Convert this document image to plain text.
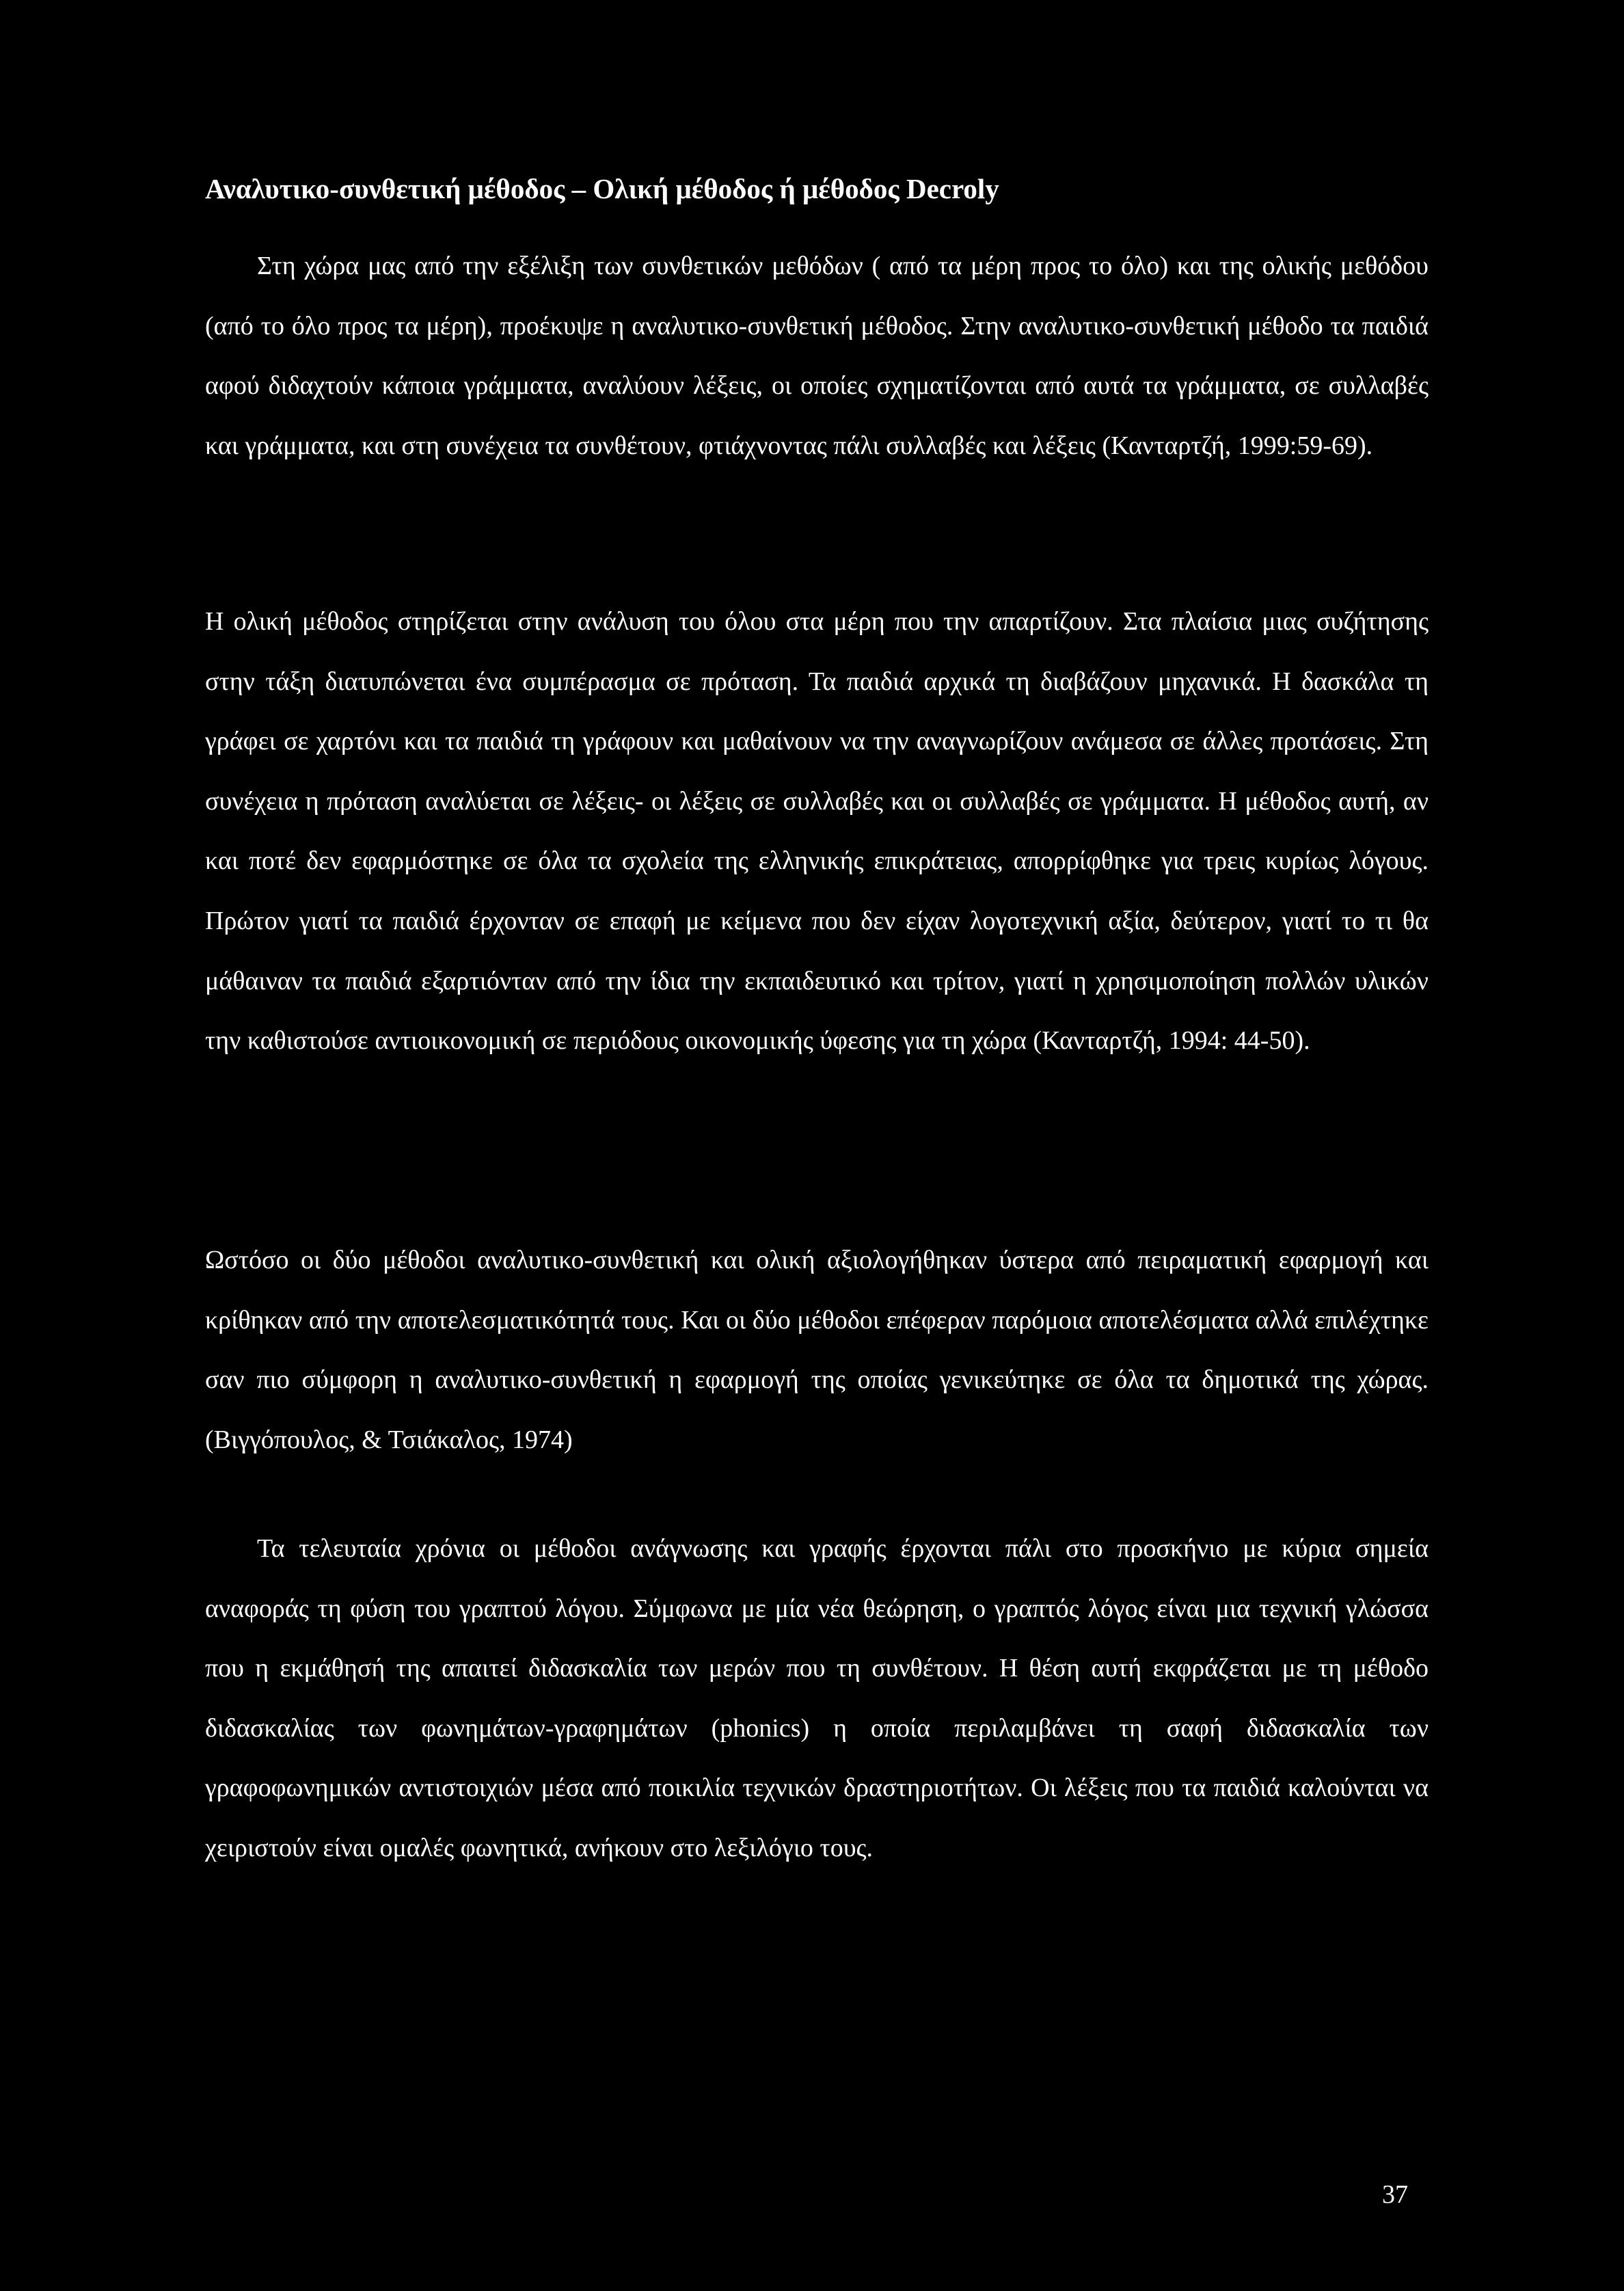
Αναλυτικο-συνθετική μέθοδος – Ολική μέθοδος ή μέθοδος Decroly

Στη χώρα μας από την εξέλιξη των συνθετικών μεθόδων ( από τα μέρη προς το όλο) και της ολικής μεθόδου (από το όλο προς τα μέρη), προέκυψε η αναλυτικο-συνθετική μέθοδος. Στην αναλυτικο-συνθετική μέθοδο τα παιδιά αφού διδαχτούν κάποια γράμματα, αναλύουν λέξεις, οι οποίες σχηματίζονται από αυτά τα γράμματα, σε συλλαβές και γράμματα, και στη συνέχεια τα συνθέτουν, φτιάχνοντας πάλι συλλαβές και λέξεις (Κανταρτζή, 1999:59-69).

Η ολική μέθοδος στηρίζεται στην ανάλυση του όλου στα μέρη που την απαρτίζουν. Στα πλαίσια μιας συζήτησης στην τάξη διατυπώνεται ένα συμπέρασμα σε πρόταση. Τα παιδιά αρχικά τη διαβάζουν μηχανικά. Η δασκάλα τη γράφει σε χαρτόνι και τα παιδιά τη γράφουν και μαθαίνουν να την αναγνωρίζουν ανάμεσα σε άλλες προτάσεις. Στη συνέχεια η πρόταση αναλύεται σε λέξεις- οι λέξεις σε συλλαβές και οι συλλαβές σε γράμματα. Η μέθοδος αυτή, αν και ποτέ δεν εφαρμόστηκε σε όλα τα σχολεία της ελληνικής επικράτειας, απορρίφθηκε για τρεις κυρίως λόγους. Πρώτον γιατί τα παιδιά έρχονταν σε επαφή με κείμενα που δεν είχαν λογοτεχνική αξία, δεύτερον, γιατί το τι θα μάθαιναν τα παιδιά εξαρτιόνταν από την ίδια την εκπαιδευτικό και τρίτον, γιατί η χρησιμοποίηση πολλών υλικών την καθιστούσε αντιοικονομική σε περιόδους οικονομικής ύφεσης για τη χώρα (Κανταρτζή, 1994: 44-50).

Ωστόσο οι δύο μέθοδοι αναλυτικο-συνθετική και ολική αξιολογήθηκαν ύστερα από πειραματική εφαρμογή και κρίθηκαν από την αποτελεσματικότητά τους. Και οι δύο μέθοδοι επέφεραν παρόμοια αποτελέσματα αλλά επιλέχτηκε σαν πιο σύμφορη η αναλυτικο-συνθετική η εφαρμογή της οποίας γενικεύτηκε σε όλα τα δημοτικά της χώρας.(Βιγγόπουλος, & Τσιάκαλος, 1974)

Τα τελευταία χρόνια οι μέθοδοι ανάγνωσης και γραφής έρχονται πάλι στο προσκήνιο με κύρια σημεία αναφοράς τη φύση του γραπτού λόγου. Σύμφωνα με μία νέα θεώρηση, ο γραπτός λόγος είναι μια τεχνική γλώσσα που η εκμάθησή της απαιτεί διδασκαλία των μερών που τη συνθέτουν. Η θέση αυτή εκφράζεται με τη μέθοδο διδασκαλίας των φωνημάτων-γραφημάτων (phonics) η οποία περιλαμβάνει τη σαφή διδασκαλία των γραφοφωνημικών αντιστοιχιών μέσα από ποικιλία τεχνικών δραστηριοτήτων. Οι λέξεις που τα παιδιά καλούνται να χειριστούν είναι ομαλές φωνητικά, ανήκουν στο λεξιλόγιο τους.

37
